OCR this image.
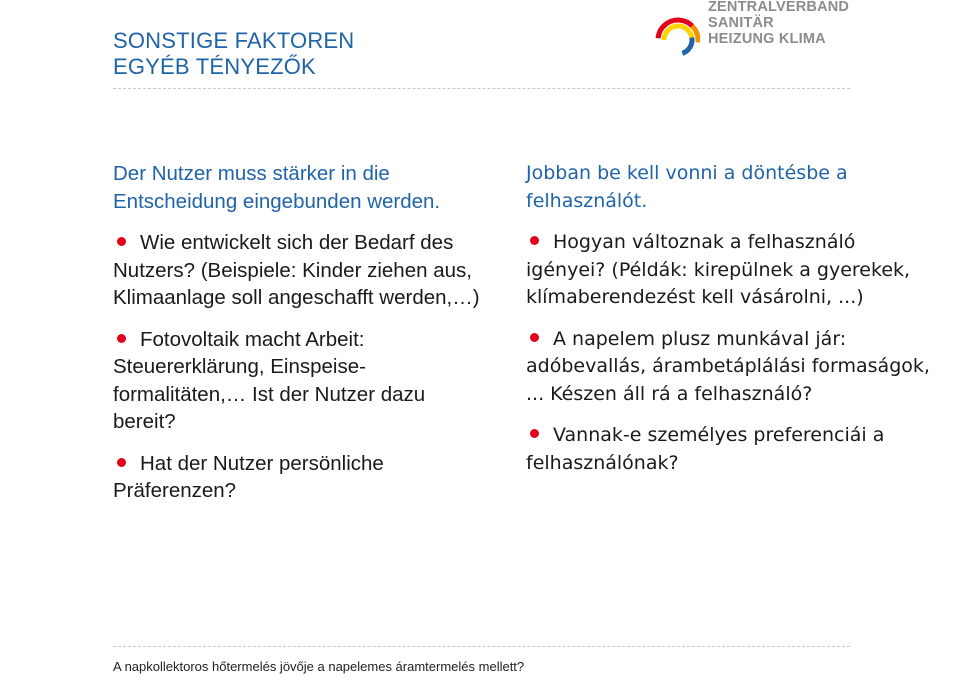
SONSTIGE FAKTOREN
EGYÉB TÉNYEZŐK
ZENTRALVERBAND
SANITÄR
HEIZUNG KLIMA
Der Nutzer muss stärker in die Entscheidung eingebunden werden.
Wie entwickelt sich der Bedarf des Nutzers? (Beispiele: Kinder ziehen aus, Klimaanlage soll angeschafft werden,…)
Fotovoltaik macht Arbeit: Steuererklärung, Einspeise-formalitäten,… Ist der Nutzer dazu bereit?
Hat der Nutzer persönliche Präferenzen?
Jobban be kell vonni a döntésbe a felhasználót.
Hogyan változnak a felhasználó igényei? (Példák: kirepülnek a gyerekek, klímaberendezést kell vásárolni, ...)
A napelem plusz munkával jár: adóbevallás, árambetáplálási formaságok, ... Készen áll rá a felhasználó?
Vannak-e személyes preferenciái a felhasználónak?
A napkollektoros hőtermelés jövője a napelemes áramtermelés mellett?
